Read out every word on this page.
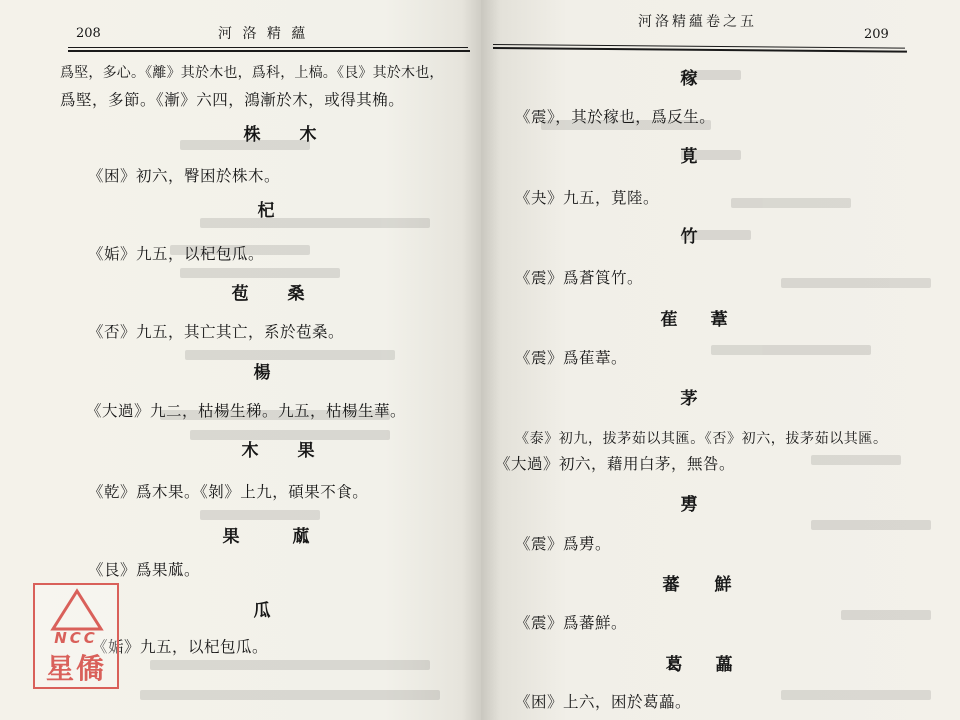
208	河 洛 精 蘊
爲堅，多心。《離》其於木也，爲科，上槁。《艮》其於木也，
爲堅，多節。《漸》六四，鴻漸於木，或得其桷。
株 木
《困》初六，臀困於株木。
杞
《姤》九五，以杞包瓜。
苞 桑
《否》九五，其亡其亡，系於苞桑。
楊
《大過》九二，枯楊生稊。九五，枯楊生華。
木 果
《乾》爲木果。《剝》上九，碩果不食。
果	蓏
《艮》爲果蓏。
瓜
《姤》九五，以杞包瓜。
NCC
星僑
河洛精蘊卷之五
209
稼
《震》，其於稼也，爲反生。
莧
《夬》九五，莧陸。
竹
《震》爲蒼筤竹。
萑 葦
《震》爲萑葦。
茅
《泰》初九，拔茅茹以其匯。《否》初六，拔茅茹以其匯。
《大過》初六，藉用白茅，無咎。
旉
《震》爲旉。
蕃 鮮
《震》爲蕃鮮。
葛 藟
《困》上六，困於葛藟。
